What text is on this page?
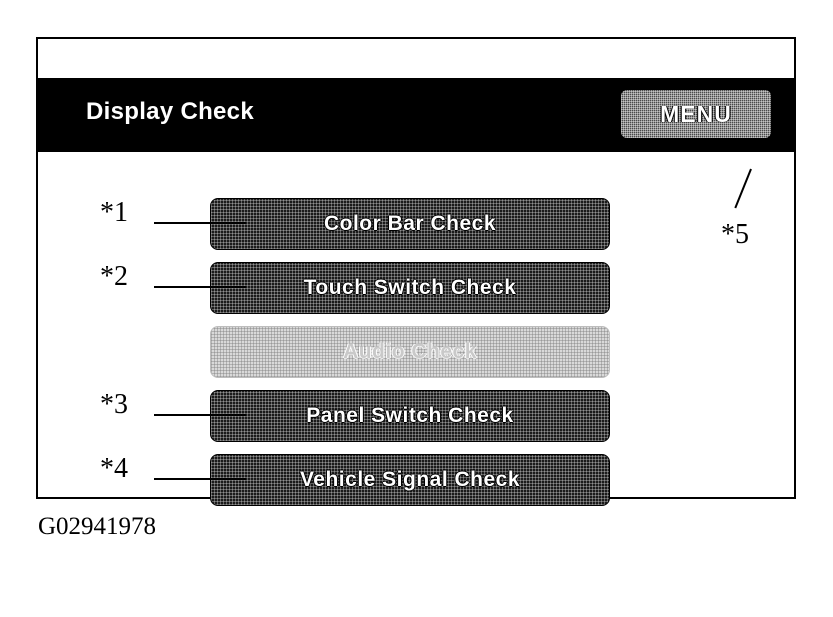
Display Check	MENU
Color Bar Check
Touch Switch Check
Audio Check
Panel Switch Check
Vehicle Signal Check
*1
*2
*3
*4
*5
G02941978
